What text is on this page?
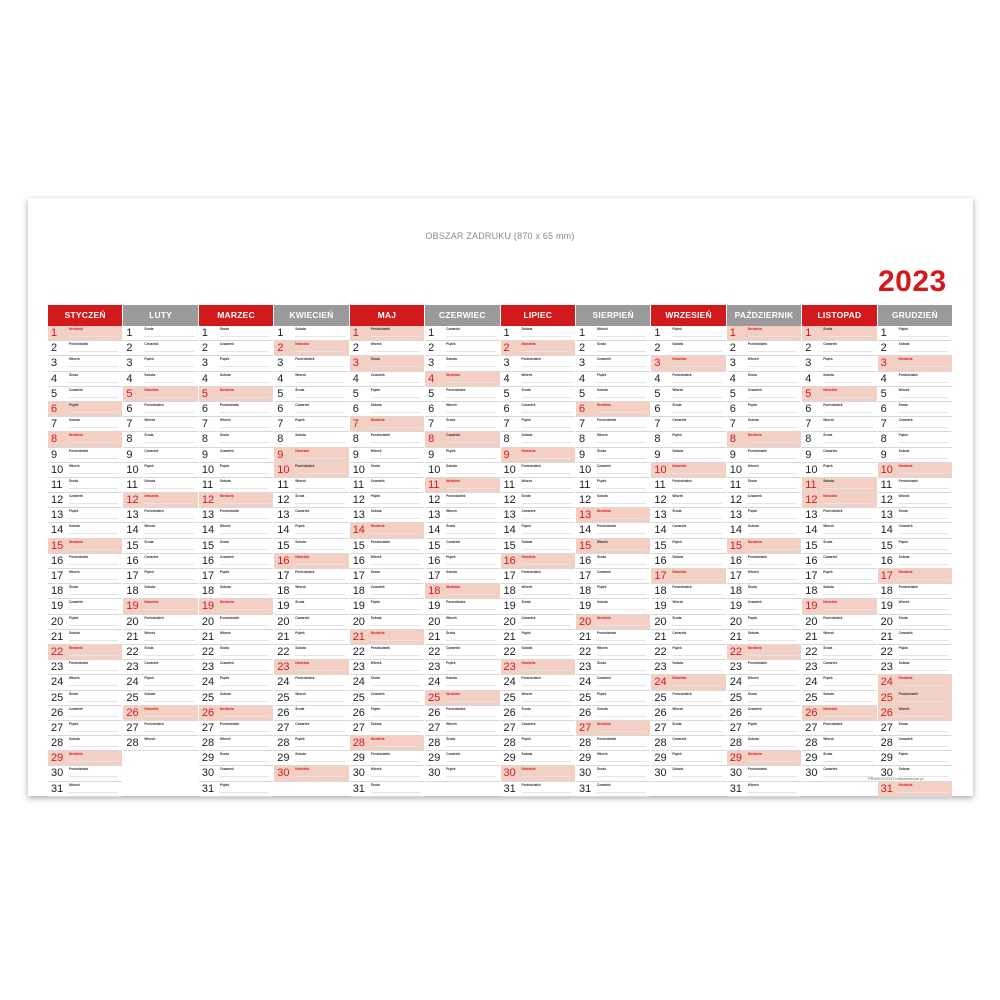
OBSZAR ZADRUKU (870 x 65 mm)
2023
STYCZEŃ
1	Niedziela
2	Poniedziałek
3	Wtorek
4	Środa
5	Czwartek
6	Piątek
7	Sobota
8	Niedziela
9	Poniedziałek
10	Wtorek
11	Środa
12	Czwartek
13	Piątek
14	Sobota
15	Niedziela
16	Poniedziałek
17	Wtorek
18	Środa
19	Czwartek
20	Piątek
21	Sobota
22	Niedziela
23	Poniedziałek
24	Wtorek
25	Środa
26	Czwartek
27	Piątek
28	Sobota
29	Niedziela
30	Poniedziałek
31	Wtorek
LUTY
1	Środa
2	Czwartek
3	Piątek
4	Sobota
5	Niedziela
6	Poniedziałek
7	Wtorek
8	Środa
9	Czwartek
10	Piątek
11	Sobota
12	Niedziela
13	Poniedziałek
14	Wtorek
15	Środa
16	Czwartek
17	Piątek
18	Sobota
19	Niedziela
20	Poniedziałek
21	Wtorek
22	Środa
23	Czwartek
24	Piątek
25	Sobota
26	Niedziela
27	Poniedziałek
28	Wtorek
MARZEC
1	Środa
2	Czwartek
3	Piątek
4	Sobota
5	Niedziela
6	Poniedziałek
7	Wtorek
8	Środa
9	Czwartek
10	Piątek
11	Sobota
12	Niedziela
13	Poniedziałek
14	Wtorek
15	Środa
16	Czwartek
17	Piątek
18	Sobota
19	Niedziela
20	Poniedziałek
21	Wtorek
22	Środa
23	Czwartek
24	Piątek
25	Sobota
26	Niedziela
27	Poniedziałek
28	Wtorek
29	Środa
30	Czwartek
31	Piątek
KWIECIEŃ
1	Sobota
2	Niedziela
3	Poniedziałek
4	Wtorek
5	Środa
6	Czwartek
7	Piątek
8	Sobota
9	Niedziela
10	Poniedziałek
11	Wtorek
12	Środa
13	Czwartek
14	Piątek
15	Sobota
16	Niedziela
17	Poniedziałek
18	Wtorek
19	Środa
20	Czwartek
21	Piątek
22	Sobota
23	Niedziela
24	Poniedziałek
25	Wtorek
26	Środa
27	Czwartek
28	Piątek
29	Sobota
30	Niedziela
MAJ
1	Poniedziałek
2	Wtorek
3	Środa
4	Czwartek
5	Piątek
6	Sobota
7	Niedziela
8	Poniedziałek
9	Wtorek
10	Środa
11	Czwartek
12	Piątek
13	Sobota
14	Niedziela
15	Poniedziałek
16	Wtorek
17	Środa
18	Czwartek
19	Piątek
20	Sobota
21	Niedziela
22	Poniedziałek
23	Wtorek
24	Środa
25	Czwartek
26	Piątek
27	Sobota
28	Niedziela
29	Poniedziałek
30	Wtorek
31	Środa
CZERWIEC
1	Czwartek
2	Piątek
3	Sobota
4	Niedziela
5	Poniedziałek
6	Wtorek
7	Środa
8	Czwartek
9	Piątek
10	Sobota
11	Niedziela
12	Poniedziałek
13	Wtorek
14	Środa
15	Czwartek
16	Piątek
17	Sobota
18	Niedziela
19	Poniedziałek
20	Wtorek
21	Środa
22	Czwartek
23	Piątek
24	Sobota
25	Niedziela
26	Poniedziałek
27	Wtorek
28	Środa
29	Czwartek
30	Piątek
LIPIEC
1	Sobota
2	Niedziela
3	Poniedziałek
4	Wtorek
5	Środa
6	Czwartek
7	Piątek
8	Sobota
9	Niedziela
10	Poniedziałek
11	Wtorek
12	Środa
13	Czwartek
14	Piątek
15	Sobota
16	Niedziela
17	Poniedziałek
18	Wtorek
19	Środa
20	Czwartek
21	Piątek
22	Sobota
23	Niedziela
24	Poniedziałek
25	Wtorek
26	Środa
27	Czwartek
28	Piątek
29	Sobota
30	Niedziela
31	Poniedziałek
SIERPIEŃ
1	Wtorek
2	Środa
3	Czwartek
4	Piątek
5	Sobota
6	Niedziela
7	Poniedziałek
8	Wtorek
9	Środa
10	Czwartek
11	Piątek
12	Sobota
13	Niedziela
14	Poniedziałek
15	Wtorek
16	Środa
17	Czwartek
18	Piątek
19	Sobota
20	Niedziela
21	Poniedziałek
22	Wtorek
23	Środa
24	Czwartek
25	Piątek
26	Sobota
27	Niedziela
28	Poniedziałek
29	Wtorek
30	Środa
31	Czwartek
WRZESIEŃ
1	Piątek
2	Sobota
3	Niedziela
4	Poniedziałek
5	Wtorek
6	Środa
7	Czwartek
8	Piątek
9	Sobota
10	Niedziela
11	Poniedziałek
12	Wtorek
13	Środa
14	Czwartek
15	Piątek
16	Sobota
17	Niedziela
18	Poniedziałek
19	Wtorek
20	Środa
21	Czwartek
22	Piątek
23	Sobota
24	Niedziela
25	Poniedziałek
26	Wtorek
27	Środa
28	Czwartek
29	Piątek
30	Sobota
PAŹDZIERNIK
1	Niedziela
2	Poniedziałek
3	Wtorek
4	Środa
5	Czwartek
6	Piątek
7	Sobota
8	Niedziela
9	Poniedziałek
10	Wtorek
11	Środa
12	Czwartek
13	Piątek
14	Sobota
15	Niedziela
16	Poniedziałek
17	Wtorek
18	Środa
19	Czwartek
20	Piątek
21	Sobota
22	Niedziela
23	Poniedziałek
24	Wtorek
25	Środa
26	Czwartek
27	Piątek
28	Sobota
29	Niedziela
30	Poniedziałek
31	Wtorek
LISTOPAD
1	Środa
2	Czwartek
3	Piątek
4	Sobota
5	Niedziela
6	Poniedziałek
7	Wtorek
8	Środa
9	Czwartek
10	Piątek
11	Sobota
12	Niedziela
13	Poniedziałek
14	Wtorek
15	Środa
16	Czwartek
17	Piątek
18	Sobota
19	Niedziela
20	Poniedziałek
21	Wtorek
22	Środa
23	Czwartek
24	Piątek
25	Sobota
26	Niedziela
27	Poniedziałek
28	Wtorek
29	Środa
30	Czwartek
GRUDZIEŃ
1	Piątek
2	Sobota
3	Niedziela
4	Poniedziałek
5	Wtorek
6	Środa
7	Czwartek
8	Piątek
9	Sobota
10	Niedziela
11	Poniedziałek
12	Wtorek
13	Środa
14	Czwartek
15	Piątek
16	Sobota
17	Niedziela
18	Poniedziałek
19	Wtorek
20	Środa
21	Czwartek
22	Piątek
23	Sobota
24	Niedziela
25	Poniedziałek
26	Wtorek
27	Środa
28	Czwartek
29	Piątek
30	Sobota
31	Niedziela
PRINDOCENT.reklamastone.pl
